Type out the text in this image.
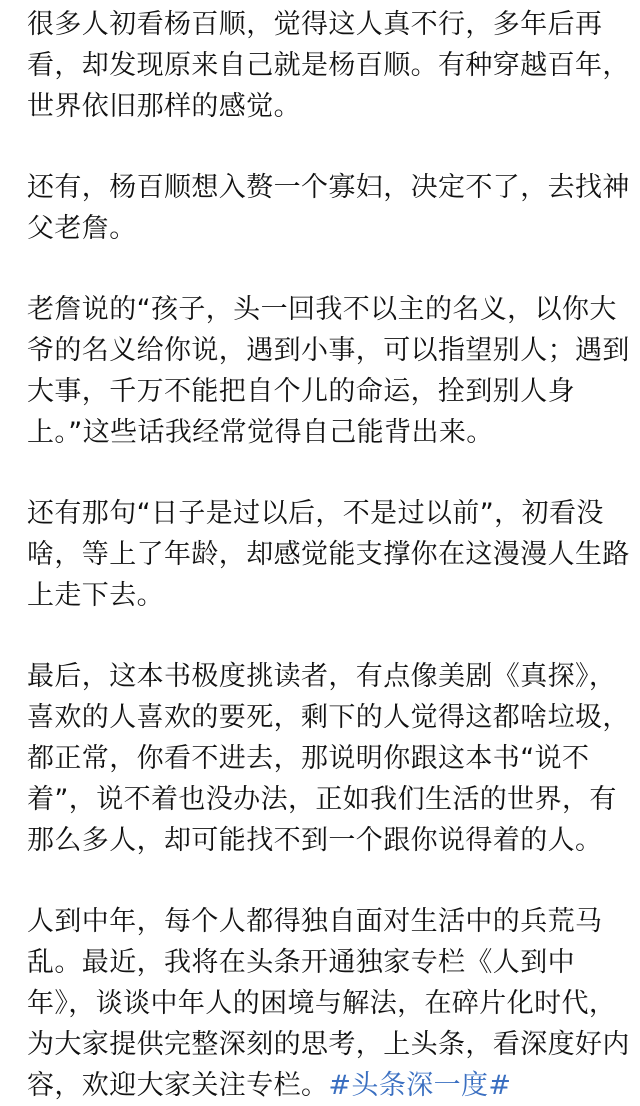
很多人初看杨百顺，觉得这人真不行，多年后再
看，却发现原来自己就是杨百顺。有种穿越百年，
世界依旧那样的感觉。

还有，杨百顺想入赘一个寡妇，决定不了，去找神
父老詹。

老詹说的“孩子，头一回我不以主的名义，以你大
爷的名义给你说，遇到小事，可以指望别人；遇到
大事，千万不能把自个儿的命运，拴到别人身
上。”这些话我经常觉得自己能背出来。

还有那句“日子是过以后，不是过以前”，初看没
啥，等上了年龄，却感觉能支撑你在这漫漫人生路
上走下去。

最后，这本书极度挑读者，有点像美剧《真探》，
喜欢的人喜欢的要死，剩下的人觉得这都啥垃圾，
都正常，你看不进去，那说明你跟这本书“说不
着”，说不着也没办法，正如我们生活的世界，有
那么多人，却可能找不到一个跟你说得着的人。

人到中年，每个人都得独自面对生活中的兵荒马
乱。最近，我将在头条开通独家专栏《人到中
年》，谈谈中年人的困境与解法，在碎片化时代，
为大家提供完整深刻的思考，上头条，看深度好内
容，欢迎大家关注专栏。#头条深一度#
